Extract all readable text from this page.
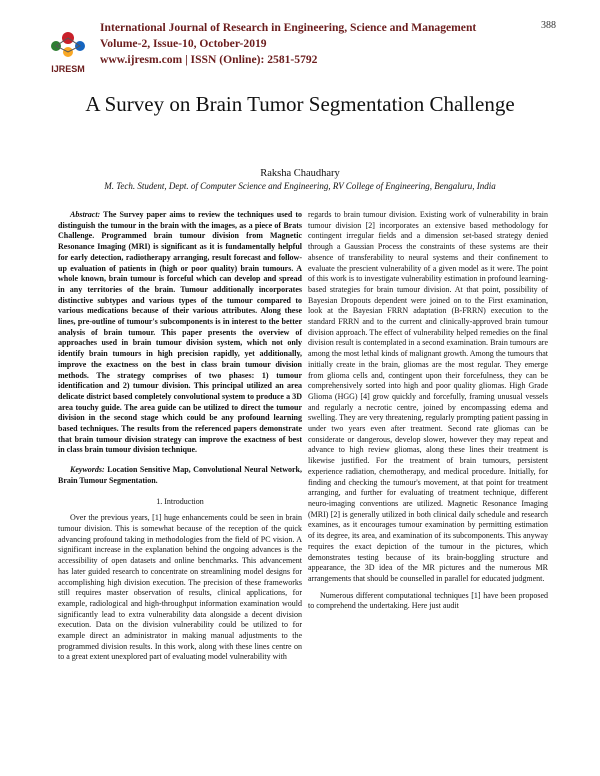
IJRESM
International Journal of Research in Engineering, Science and Management
Volume-2, Issue-10, October-2019
www.ijresm.com | ISSN (Online): 2581-5792
388
A Survey on Brain Tumor Segmentation Challenge
Raksha Chaudhary
M. Tech. Student, Dept. of Computer Science and Engineering, RV College of Engineering, Bengaluru, India

Abstract: The Survey paper aims to review the techniques used to distinguish the tumour in the brain with the images, as a piece of Brats Challenge. Programmed brain tumour division from Magnetic Resonance Imaging (MRI) is significant as it is fundamentally helpful for early detection, radiotherapy arranging, result forecast and follow-up evaluation of patients in (high or poor quality) brain tumours. A whole known, brain tumour is forceful which can develop and spread in any territories of the brain. Tumour additionally incorporates distinctive subtypes and various types of the tumour compared to various medications because of their various attributes. Along these lines, pre-outline of tumour's subcomponents is in interest to the better analysis of brain tumour. This paper presents the overview of approaches used in brain tumour division system, which not only identify brain tumours in high precision rapidly, yet additionally, improve the exactness on the best in class brain tumour division methods. The strategy comprises of two phases: 1) tumour identification and 2) tumour division. This principal utilized an area delicate district based completely convolutional system to produce a 3D area touchy guide. The area guide can be utilized to direct the tumour division in the second stage which could be any profound learning based techniques. The results from the referenced papers demonstrate that brain tumour division strategy can improve the exactness of best in class brain tumour division technique.

Keywords: Location Sensitive Map, Convolutional Neural Network, Brain Tumour Segmentation.

1. Introduction

Over the previous years, [1] huge enhancements could be seen in brain tumour division. This is somewhat because of the reception of the quick advancing profound taking in methodologies from the field of PC vision. A significant increase in the explanation behind the ongoing advances is the accessibility of open datasets and online benchmarks. This advancement has later guided research to concentrate on streamlining model designs for accomplishing high division execution. The precision of these frameworks still requires master observation of results, clinical applications, for example, radiological and high-throughput information examination would significantly lead to extra vulnerability data alongside a decent division execution. Data on the division vulnerability could be utilized to for example direct an administrator in making manual adjustments to the programmed division results. In this work, along with these lines centre on to a great extent unexplored part of evaluating model vulnerability with

regards to brain tumour division. Existing work of vulnerability in brain tumour division [2] incorporates an extensive based methodology for contingent irregular fields and a dimension set-based strategy denied through a Gaussian Process the constraints of these systems are their absence of transferability to neural systems and their confinement to evaluate the prescient vulnerability of a given model as it were. The point of this work is to investigate vulnerability estimation in profound learning-based strategies for brain tumour division. At that point, possibility of Bayesian Dropouts dependent were joined on to the First examination, look at the Bayesian FRRN adaptation (B-FRRN) execution to the standard FRRN and to the current and clinically-approved brain tumour division approach. The effect of vulnerability helped remedies on the final division result is contemplated in a second examination. Brain tumours are among the most lethal kinds of malignant growth. Among the tumours that initially create in the brain, gliomas are the most regular. They emerge from glioma cells and, contingent upon their forcefulness, they can be comprehensively sorted into high and poor quality gliomas. High Grade Glioma (HGG) [4] grow quickly and forcefully, framing unusual vessels and regularly a necrotic centre, joined by encompassing edema and swelling. They are very threatening, regularly prompting patient passing in under two years even after treatment. Second rate gliomas can be considerate or dangerous, develop slower, however they may repeat and advance to high review gliomas, along these lines their treatment is likewise justified. For the treatment of brain tumours, persistent experience radiation, chemotherapy, and medical procedure. Initially, for finding and checking the tumour's movement, at that point for treatment arranging, and further for evaluating of treatment technique, different neuro-imaging conventions are utilized. Magnetic Resonance Imaging (MRI) [2] is generally utilized in both clinical daily schedule and research examines, as it encourages tumour examination by permitting estimation of its degree, its area, and examination of its subcomponents. This anyway requires the exact depiction of the tumour in the pictures, which demonstrates testing because of its brain-boggling structure and appearance, the 3D idea of the MR pictures and the numerous MR arrangements that should be counselled in parallel for educated judgment.

Numerous different computational techniques [1] have been proposed to comprehend the undertaking. Here just audit
